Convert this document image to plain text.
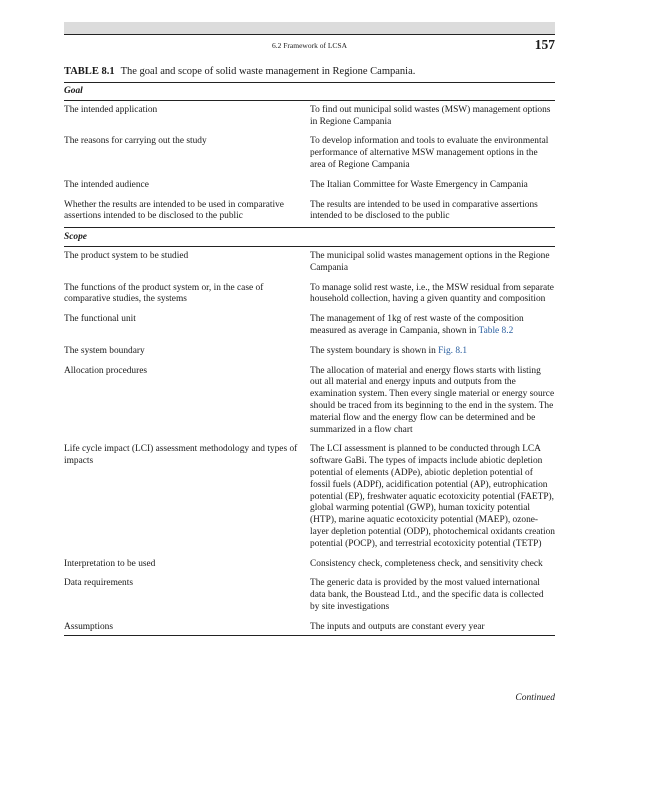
6.2 Framework of LCSA	157
TABLE 8.1 The goal and scope of solid waste management in Regione Campania.
Goal	
The intended application	To find out municipal solid wastes (MSW) management options in Regione Campania
The reasons for carrying out the study	To develop information and tools to evaluate the environmental performance of alternative MSW management options in the area of Regione Campania
The intended audience	The Italian Committee for Waste Emergency in Campania
Whether the results are intended to be used in comparative assertions intended to be disclosed to the public	The results are intended to be used in comparative assertions intended to be disclosed to the public
Scope	
The product system to be studied	The municipal solid wastes management options in the Regione Campania
The functions of the product system or, in the case of comparative studies, the systems	To manage solid rest waste, i.e., the MSW residual from separate household collection, having a given quantity and composition
The functional unit	The management of 1kg of rest waste of the composition measured as average in Campania, shown in Table 8.2
The system boundary	The system boundary is shown in Fig. 8.1
Allocation procedures	The allocation of material and energy flows starts with listing out all material and energy inputs and outputs from the examination system. Then every single material or energy source should be traced from its beginning to the end in the system. The material flow and the energy flow can be determined and be summarized in a flow chart
Life cycle impact (LCI) assessment methodology and types of impacts	The LCI assessment is planned to be conducted through LCA software GaBi. The types of impacts include abiotic depletion potential of elements (ADPe), abiotic depletion potential of fossil fuels (ADPf), acidification potential (AP), eutrophication potential (EP), freshwater aquatic ecotoxicity potential (FAETP), global warming potential (GWP), human toxicity potential (HTP), marine aquatic ecotoxicity potential (MAEP), ozone-layer depletion potential (ODP), photochemical oxidants creation potential (POCP), and terrestrial ecotoxicity potential (TETP)
Interpretation to be used	Consistency check, completeness check, and sensitivity check
Data requirements	The generic data is provided by the most valued international data bank, the Boustead Ltd., and the specific data is collected by site investigations
Assumptions	The inputs and outputs are constant every year
Continued
